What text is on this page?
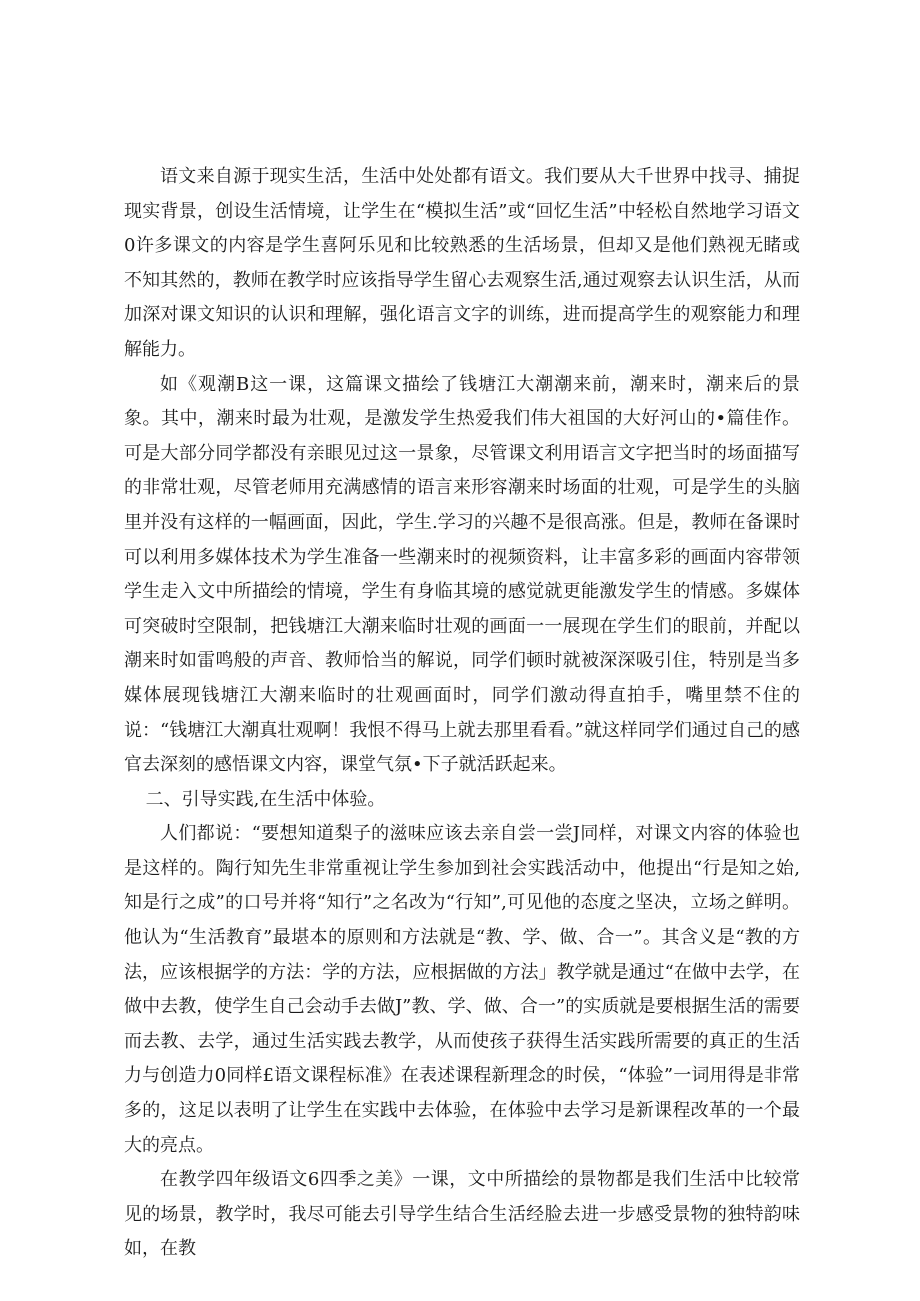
语文来自源于现实生活，生活中处处都有语文。我们要从大千世界中找寻、捕捉现实背景，创设生活情境，让学生在“模拟生活”或“回忆生活”中轻松自然地学习语文0许多课文的内容是学生喜阿乐见和比较熟悉的生活场景，但却又是他们熟视无睹或不知其然的，教师在教学时应该指导学生留心去观察生活,通过观察去认识生活，从而加深对课文知识的认识和理解，强化语言文字的训练，进而提高学生的观察能力和理解能力。

如《观潮B这一课，这篇课文描绘了钱塘江大潮潮来前，潮来时，潮来后的景象。其中，潮来时最为壮观，是激发学生热爱我们伟大祖国的大好河山的•篇佳作。可是大部分同学都没有亲眼见过这一景象，尽管课文利用语言文字把当时的场面描写的非常壮观，尽管老师用充满感情的语言来形容潮来时场面的壮观，可是学生的头脑里并没有这样的一幅画面，因此，学生.学习的兴趣不是很高涨。但是，教师在备课时可以利用多媒体技术为学生准备一些潮来时的视频资料，让丰富多彩的画面内容带领学生走入文中所描绘的情境，学生有身临其境的感觉就更能激发学生的情感。多媒体可突破时空限制，把钱塘江大潮来临时壮观的画面一一展现在学生们的眼前，并配以潮来时如雷鸣般的声音、教师恰当的解说，同学们顿时就被深深吸引住，特别是当多媒体展现钱塘江大潮来临时的壮观画面时，同学们激动得直拍手，嘴里禁不住的说：“钱塘江大潮真壮观啊！我恨不得马上就去那里看看。”就这样同学们通过自己的感官去深刻的感悟课文内容，课堂气氛•下子就活跃起来。

二、引导实践,在生活中体验。

人们都说：“要想知道梨子的滋味应该去亲自尝一尝J同样，对课文内容的体验也是这样的。陶行知先生非常重视让学生参加到社会实践活动中，他提出“行是知之始,知是行之成”的口号并将“知行”之名改为“行知”,可见他的态度之坚决，立场之鲜明。他认为“生活教育”最堪本的原则和方法就是“教、学、做、合一”。其含义是“教的方法，应该根据学的方法：学的方法，应根据做的方法」教学就是通过“在做中去学，在做中去教，使学生自己会动手去做J”教、学、做、合一”的实质就是要根据生活的需要而去教、去学，通过生活实践去教学，从而使孩子获得生活实践所需要的真正的生活力与创造力0同样£语文课程标准》在表述课程新理念的时侯，“体验”一词用得是非常多的，这足以表明了让学生在实践中去体验，在体验中去学习是新课程改革的一个最大的亮点。

在教学四年级语文6四季之美》一课，文中所描绘的景物都是我们生活中比较常见的场景，教学时，我尽可能去引导学生结合生活经脸去进一步感受景物的独特韵味如，在教
